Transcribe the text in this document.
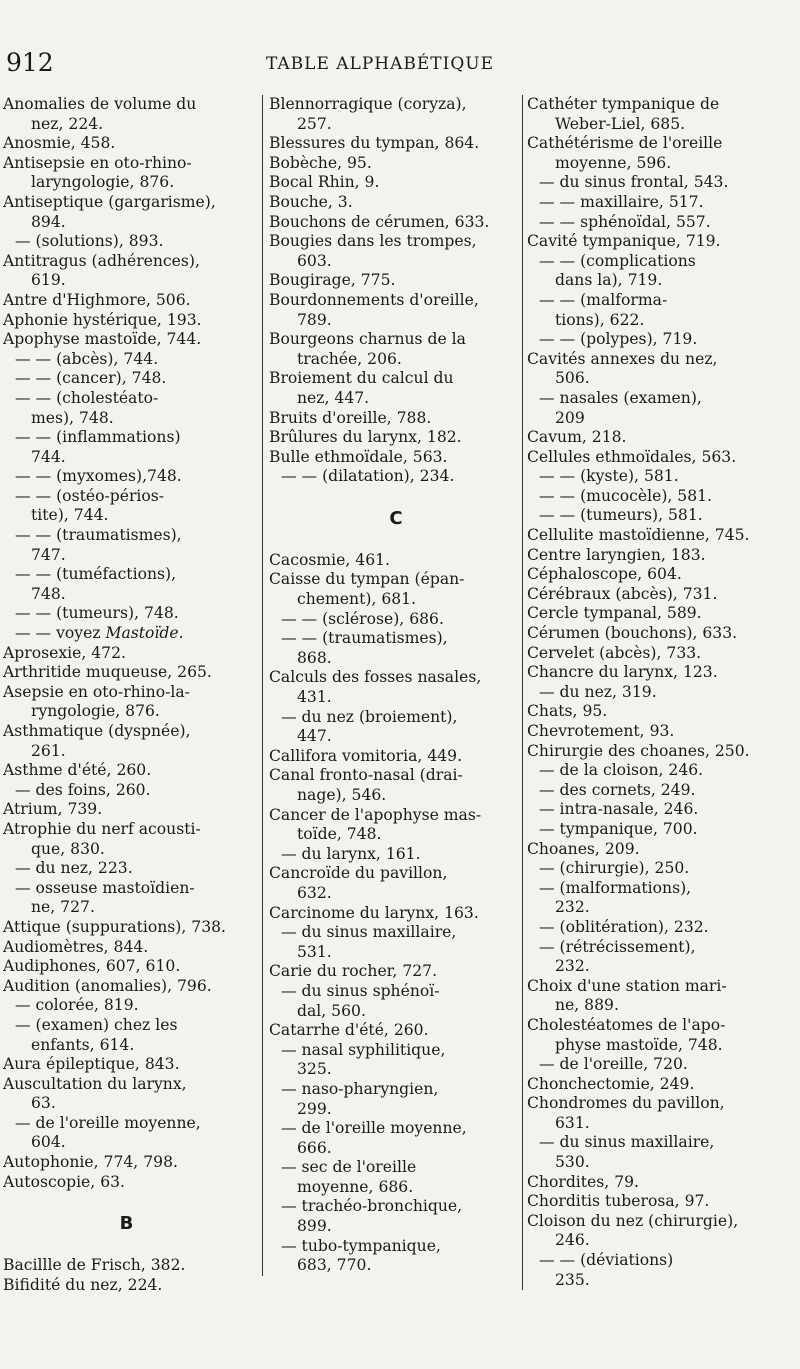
912	TABLE ALPHABÉTIQUE
Anomalies de volume du
nez, 224.
Anosmie, 458.
Antisepsie en oto-rhino-
laryngologie, 876.
Antiseptique (gargarisme),
894.
— (solutions), 893.
Antitragus (adhérences),
619.
Antre d'Highmore, 506.
Aphonie hystérique, 193.
Apophyse mastoïde, 744.
— — (abcès), 744.
— — (cancer), 748.
— — (cholestéato-
mes), 748.
— — (inflammations)
744.
— — (myxomes),748.
— — (ostéo-périos-
tite), 744.
— — (traumatismes),
747.
— — (tuméfactions),
748.
— — (tumeurs), 748.
— — voyez Mastoïde.
Aprosexie, 472.
Arthritide muqueuse, 265.
Asepsie en oto-rhino-la-
ryngologie, 876.
Asthmatique (dyspnée),
261.
Asthme d'été, 260.
— des foins, 260.
Atrium, 739.
Atrophie du nerf acousti-
que, 830.
— du nez, 223.
— osseuse mastoïdien-
ne, 727.
Attique (suppurations), 738.
Audiomètres, 844.
Audiphones, 607, 610.
Audition (anomalies), 796.
— colorée, 819.
— (examen) chez les
enfants, 614.
Aura épileptique, 843.
Auscultation du larynx,
63.
— de l'oreille moyenne,
604.
Autophonie, 774, 798.
Autoscopie, 63.
B
Bacillle de Frisch, 382.
Bifidité du nez, 224.
Blennorragique (coryza),
257.
Blessures du tympan, 864.
Bobèche, 95.
Bocal Rhin, 9.
Bouche, 3.
Bouchons de cérumen, 633.
Bougies dans les trompes,
603.
Bougirage, 775.
Bourdonnements d'oreille,
789.
Bourgeons charnus de la
trachée, 206.
Broiement du calcul du
nez, 447.
Bruits d'oreille, 788.
Brûlures du larynx, 182.
Bulle ethmoïdale, 563.
— — (dilatation), 234.
C
Cacosmie, 461.
Caisse du tympan (épan-
chement), 681.
— — (sclérose), 686.
— — (traumatismes),
868.
Calculs des fosses nasales,
431.
— du nez (broiement),
447.
Callifora vomitoria, 449.
Canal fronto-nasal (drai-
nage), 546.
Cancer de l'apophyse mas-
toïde, 748.
— du larynx, 161.
Cancroïde du pavillon,
632.
Carcinome du larynx, 163.
— du sinus maxillaire,
531.
Carie du rocher, 727.
— du sinus sphénoï-
dal, 560.
Catarrhe d'été, 260.
— nasal syphilitique,
325.
— naso-pharyngien,
299.
— de l'oreille moyenne,
666.
— sec de l'oreille
moyenne, 686.
— trachéo-bronchique,
899.
— tubo-tympanique,
683, 770.
Cathéter tympanique de
Weber-Liel, 685.
Cathétérisme de l'oreille
moyenne, 596.
— du sinus frontal, 543.
— — maxillaire, 517.
— — sphénoïdal, 557.
Cavité tympanique, 719.
— — (complications
dans la), 719.
— — (malforma-
tions), 622.
— — (polypes), 719.
Cavités annexes du nez,
506.
— nasales (examen),
209
Cavum, 218.
Cellules ethmoïdales, 563.
— — (kyste), 581.
— — (mucocèle), 581.
— — (tumeurs), 581.
Cellulite mastoïdienne, 745.
Centre laryngien, 183.
Céphaloscope, 604.
Cérébraux (abcès), 731.
Cercle tympanal, 589.
Cérumen (bouchons), 633.
Cervelet (abcès), 733.
Chancre du larynx, 123.
— du nez, 319.
Chats, 95.
Chevrotement, 93.
Chirurgie des choanes, 250.
— de la cloison, 246.
— des cornets, 249.
— intra-nasale, 246.
— tympanique, 700.
Choanes, 209.
— (chirurgie), 250.
— (malformations),
232.
— (oblitération), 232.
— (rétrécissement),
232.
Choix d'une station mari-
ne, 889.
Cholestéatomes de l'apo-
physe mastoïde, 748.
— de l'oreille, 720.
Chonchectomie, 249.
Chondromes du pavillon,
631.
— du sinus maxillaire,
530.
Chordites, 79.
Chorditis tuberosa, 97.
Cloison du nez (chirurgie),
246.
— — (déviations)
235.
